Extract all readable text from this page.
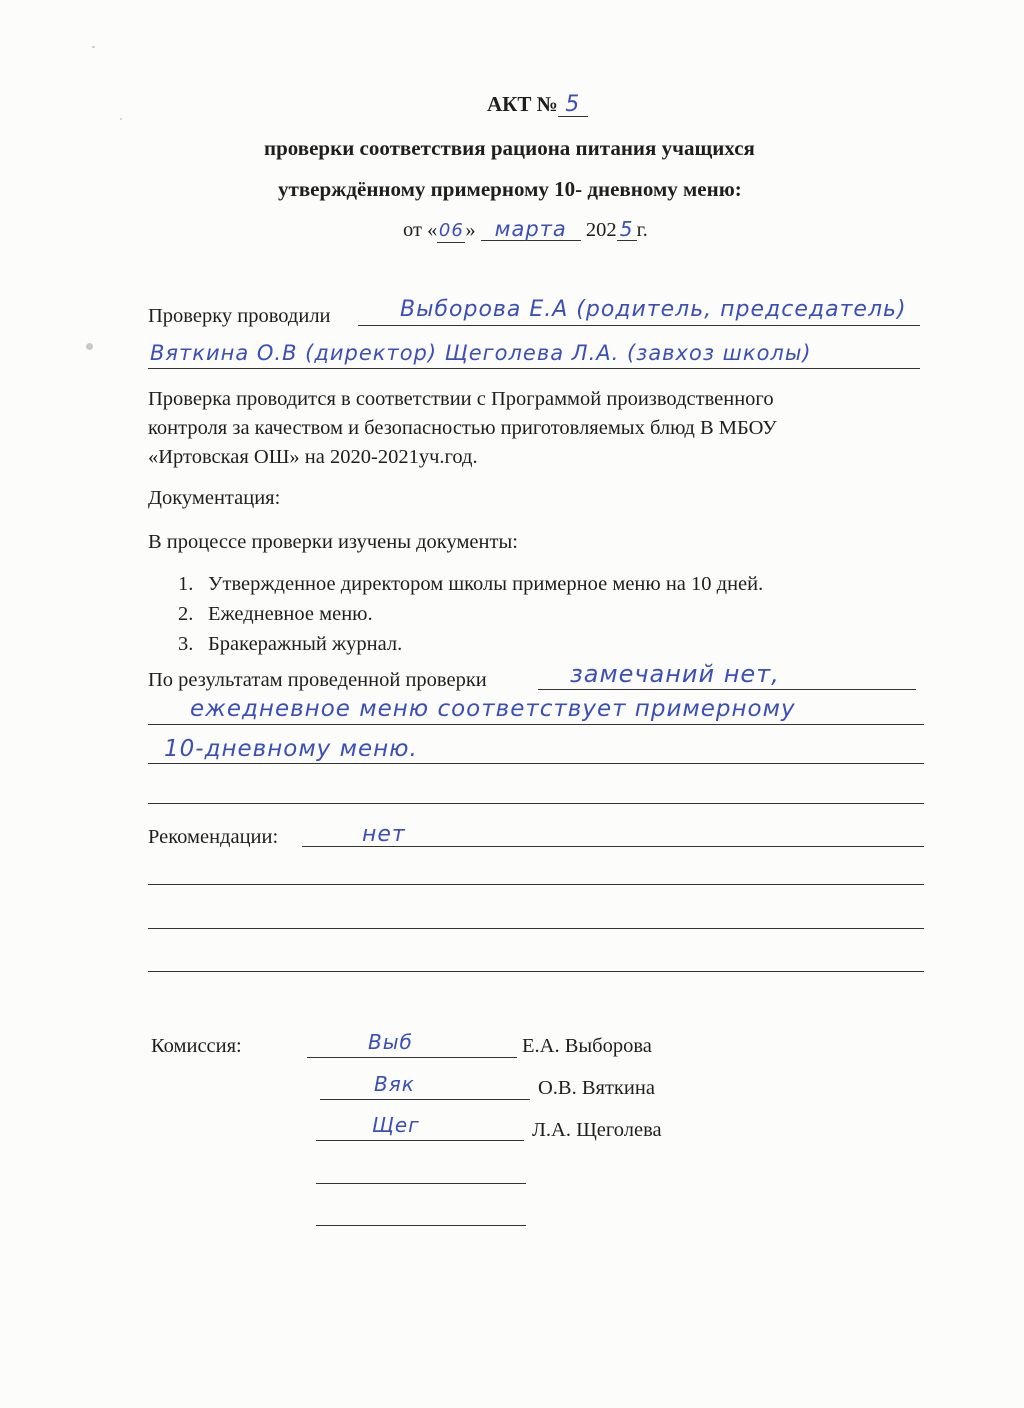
АКТ № 5
проверки соответствия рациона питания учащихся
утверждённому примерному 10- дневному меню:
от «06» марта 202 5 г.
Проверку проводили	Выборова Е.А (родитель, председатель)
Вяткина О.В (директор) Щеголева Л.А. (завхоз школы)
Проверка проводится в соответствии с Программой производственного
контроля за качеством и безопасностью приготовляемых блюд В МБОУ
«Иртовская ОШ» на 2020-2021уч.год.
Документация:
В процессе проверки изучены документы:
1. Утвержденное директором школы примерное меню на 10 дней.
2. Ежедневное меню.
3. Бракеражный журнал.
По результатам проведенной проверки	замечаний нет,
ежедневное меню соответствует примерному
10-дневному меню.
Рекомендации:	нет
Комиссия:	Выб	Е.А. Выборова
Вяк	О.В. Вяткина
Щег	Л.А. Щеголева
